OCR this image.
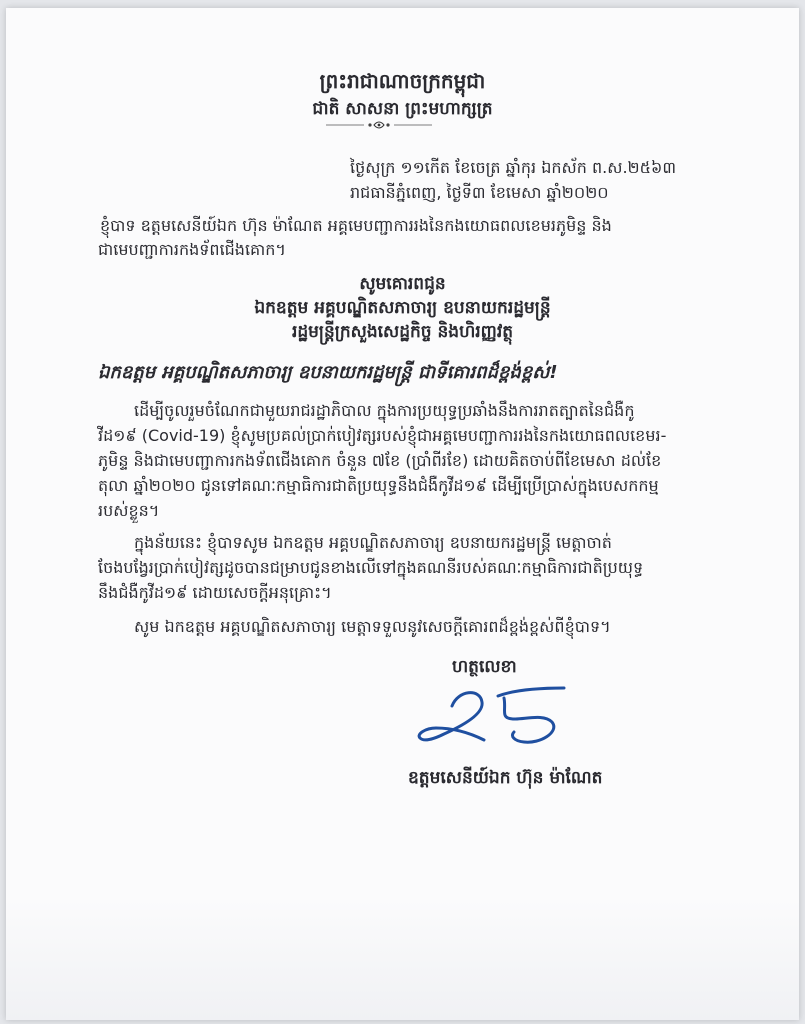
ព្រះរាជាណាចក្រកម្ពុជា
ជាតិ សាសនា ព្រះមហាក្សត្រ
ថ្ងៃសុក្រ ១១កើត ខែចេត្រ ឆ្នាំកុរ ឯកស័ក ព.ស.២៥៦៣
រាជធានីភ្នំពេញ, ថ្ងៃទី៣ ខែមេសា ឆ្នាំ២០២០
ខ្ញុំបាទ ឧត្តមសេនីយ៍ឯក ហ៊ុន ម៉ាណែត អគ្គមេបញ្ជាការរងនៃកងយោធពលខេមរភូមិន្ទ និង
ជាមេបញ្ជាការកងទ័ពជើងគោក។
សូមគោរពជូន
ឯកឧត្តម អគ្គបណ្ឌិតសភាចារ្យ ឧបនាយករដ្ឋមន្ត្រី
រដ្ឋមន្ត្រីក្រសួងសេដ្ឋកិច្ច និងហិរញ្ញវត្ថុ
ឯកឧត្តម អគ្គបណ្ឌិតសភាចារ្យ ឧបនាយករដ្ឋមន្ត្រី ជាទីគោរពដ៏ខ្ពង់ខ្ពស់!
ដើម្បីចូលរួមចំណែកជាមួយរាជរដ្ឋាភិបាល ក្នុងការប្រយុទ្ធប្រឆាំងនឹងការរាតត្បាតនៃជំងឺកូ
វីដ១៩ (Covid-19) ខ្ញុំសូមប្រគល់ប្រាក់បៀវត្សរបស់ខ្ញុំជាអគ្គមេបញ្ជាការរងនៃកងយោធពលខេមរ-
ភូមិន្ទ និងជាមេបញ្ជាការកងទ័ពជើងគោក ចំនួន ៧ខែ (ប្រាំពីរខែ) ដោយគិតចាប់ពីខែមេសា ដល់ខែ
តុលា ឆ្នាំ២០២០ ជូនទៅគណៈកម្មាធិការជាតិប្រយុទ្ធនឹងជំងឺកូវីដ១៩ ដើម្បីប្រើប្រាស់ក្នុងបេសកកម្ម
របស់ខ្លួន។
ក្នុងន័យនេះ ខ្ញុំបាទសូម ឯកឧត្តម អគ្គបណ្ឌិតសភាចារ្យ ឧបនាយករដ្ឋមន្ត្រី មេត្តាចាត់
ចែងបង្វែរប្រាក់បៀវត្សដូចបានជម្រាបជូនខាងលើទៅក្នុងគណនីរបស់គណៈកម្មាធិការជាតិប្រយុទ្ធ
នឹងជំងឺកូវីដ១៩ ដោយសេចក្តីអនុគ្រោះ។
សូម ឯកឧត្តម អគ្គបណ្ឌិតសភាចារ្យ មេត្តាទទួលនូវសេចក្តីគោរពដ៏ខ្ពង់ខ្ពស់ពីខ្ញុំបាទ។
ហត្ថលេខា
ឧត្តមសេនីយ៍ឯក ហ៊ុន ម៉ាណែត
